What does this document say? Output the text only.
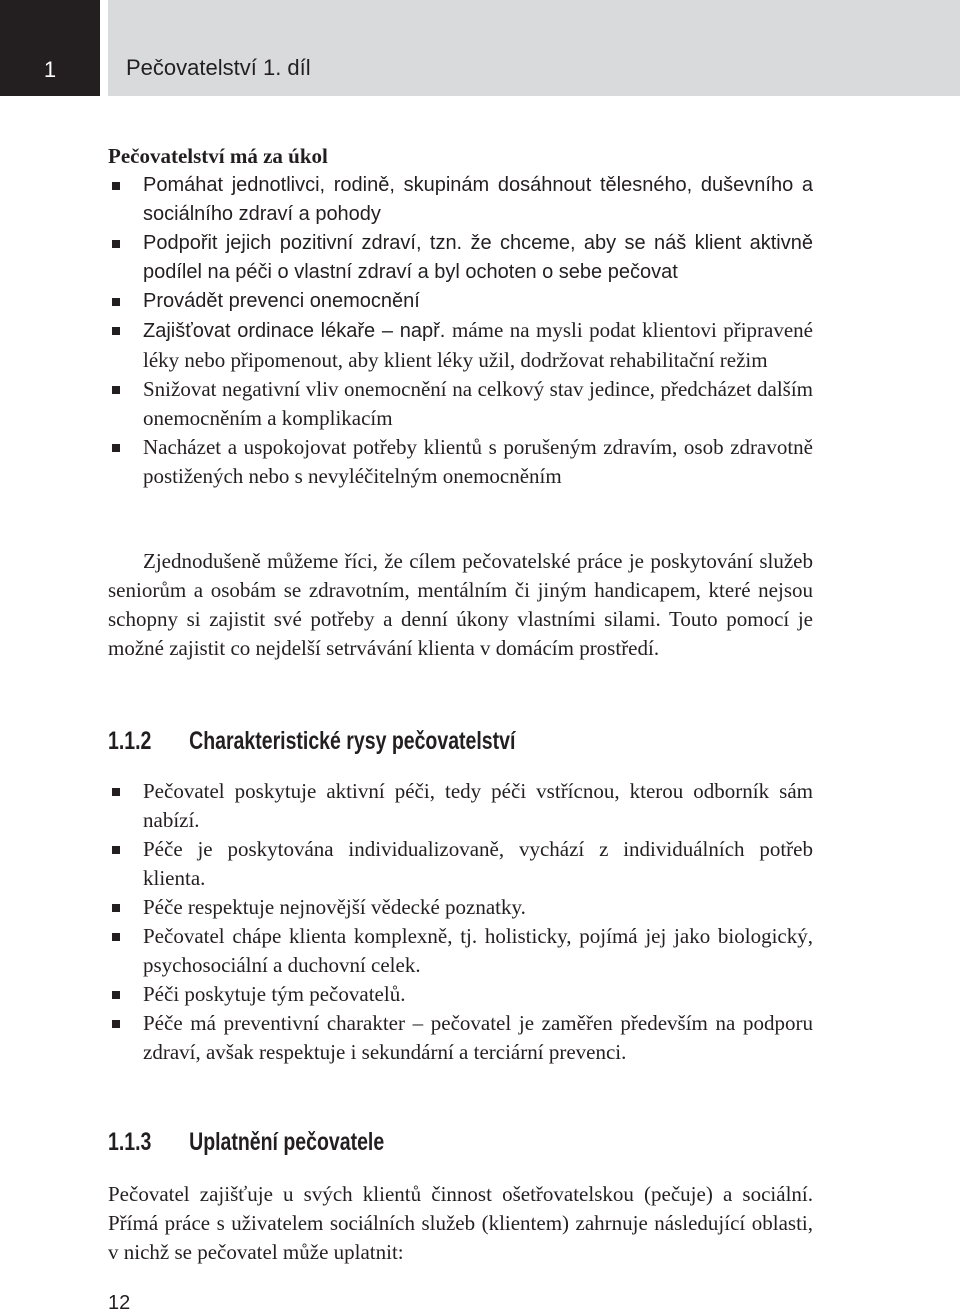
1	Pečovatelství 1. díl
Pečovatelství má za úkol
Pomáhat jednotlivci, rodině, skupinám dosáhnout tělesného, duševního a sociálního zdraví a pohody
Podpořit jejich pozitivní zdraví, tzn. že chceme, aby se náš klient aktivně podílel na péči o vlastní zdraví a byl ochoten o sebe pečovat
Provádět prevenci onemocnění
Zajišťovat ordinace lékaře – např. máme na mysli podat klientovi připravené léky nebo připomenout, aby klient léky užil, dodržovat rehabilitační režim
Snižovat negativní vliv onemocnění na celkový stav jedince, předcházet dalším onemocněním a komplikacím
Nacházet a uspokojovat potřeby klientů s porušeným zdravím, osob zdravotně postižených nebo s nevyléčitelným onemocněním
Zjednodušeně můžeme říci, že cílem pečovatelské práce je poskytování služeb seniorům a osobám se zdravotním, mentálním či jiným handicapem, které nejsou schopny si zajistit své potřeby a denní úkony vlastními silami. Touto pomocí je možné zajistit co nejdelší setrvávání klienta v domácím prostředí.
1.1.2 Charakteristické rysy pečovatelství
Pečovatel poskytuje aktivní péči, tedy péči vstřícnou, kterou odborník sám nabízí.
Péče je poskytována individualizovaně, vychází z individuálních potřeb klienta.
Péče respektuje nejnovější vědecké poznatky.
Pečovatel chápe klienta komplexně, tj. holisticky, pojímá jej jako biologický, psychosociální a duchovní celek.
Péči poskytuje tým pečovatelů.
Péče má preventivní charakter – pečovatel je zaměřen především na podporu zdraví, avšak respektuje i sekundární a terciární prevenci.
1.1.3 Uplatnění pečovatele
Pečovatel zajišťuje u svých klientů činnost ošetřovatelskou (pečuje) a sociální. Přímá práce s uživatelem sociálních služeb (klientem) zahrnuje následující oblasti, v nichž se pečovatel může uplatnit:
12
